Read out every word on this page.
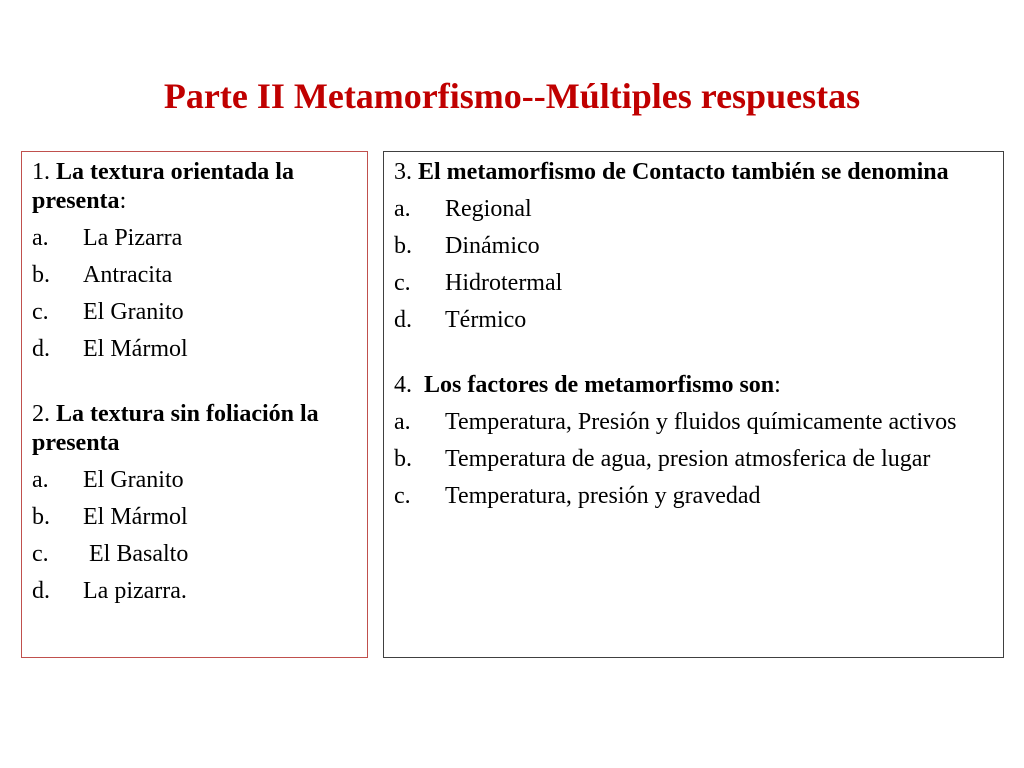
Parte II Metamorfismo--Múltiples respuestas

1. La textura orientada la presenta:

a.	La Pizarra
b.	Antracita
c.	El Granito
d.	El Mármol

2. La textura sin foliación la presenta

a.	El Granito
b.	El Mármol
c.	El Basalto
d.	La pizarra.

3. El metamorfismo de Contacto también se denomina

a.	Regional
b.	Dinámico
c.	Hidrotermal
d.	Térmico

4.  Los factores de metamorfismo son:

a.	Temperatura, Presión y fluidos químicamente activos
b.	Temperatura de agua, presion atmosferica de lugar
c.	Temperatura, presión y gravedad
